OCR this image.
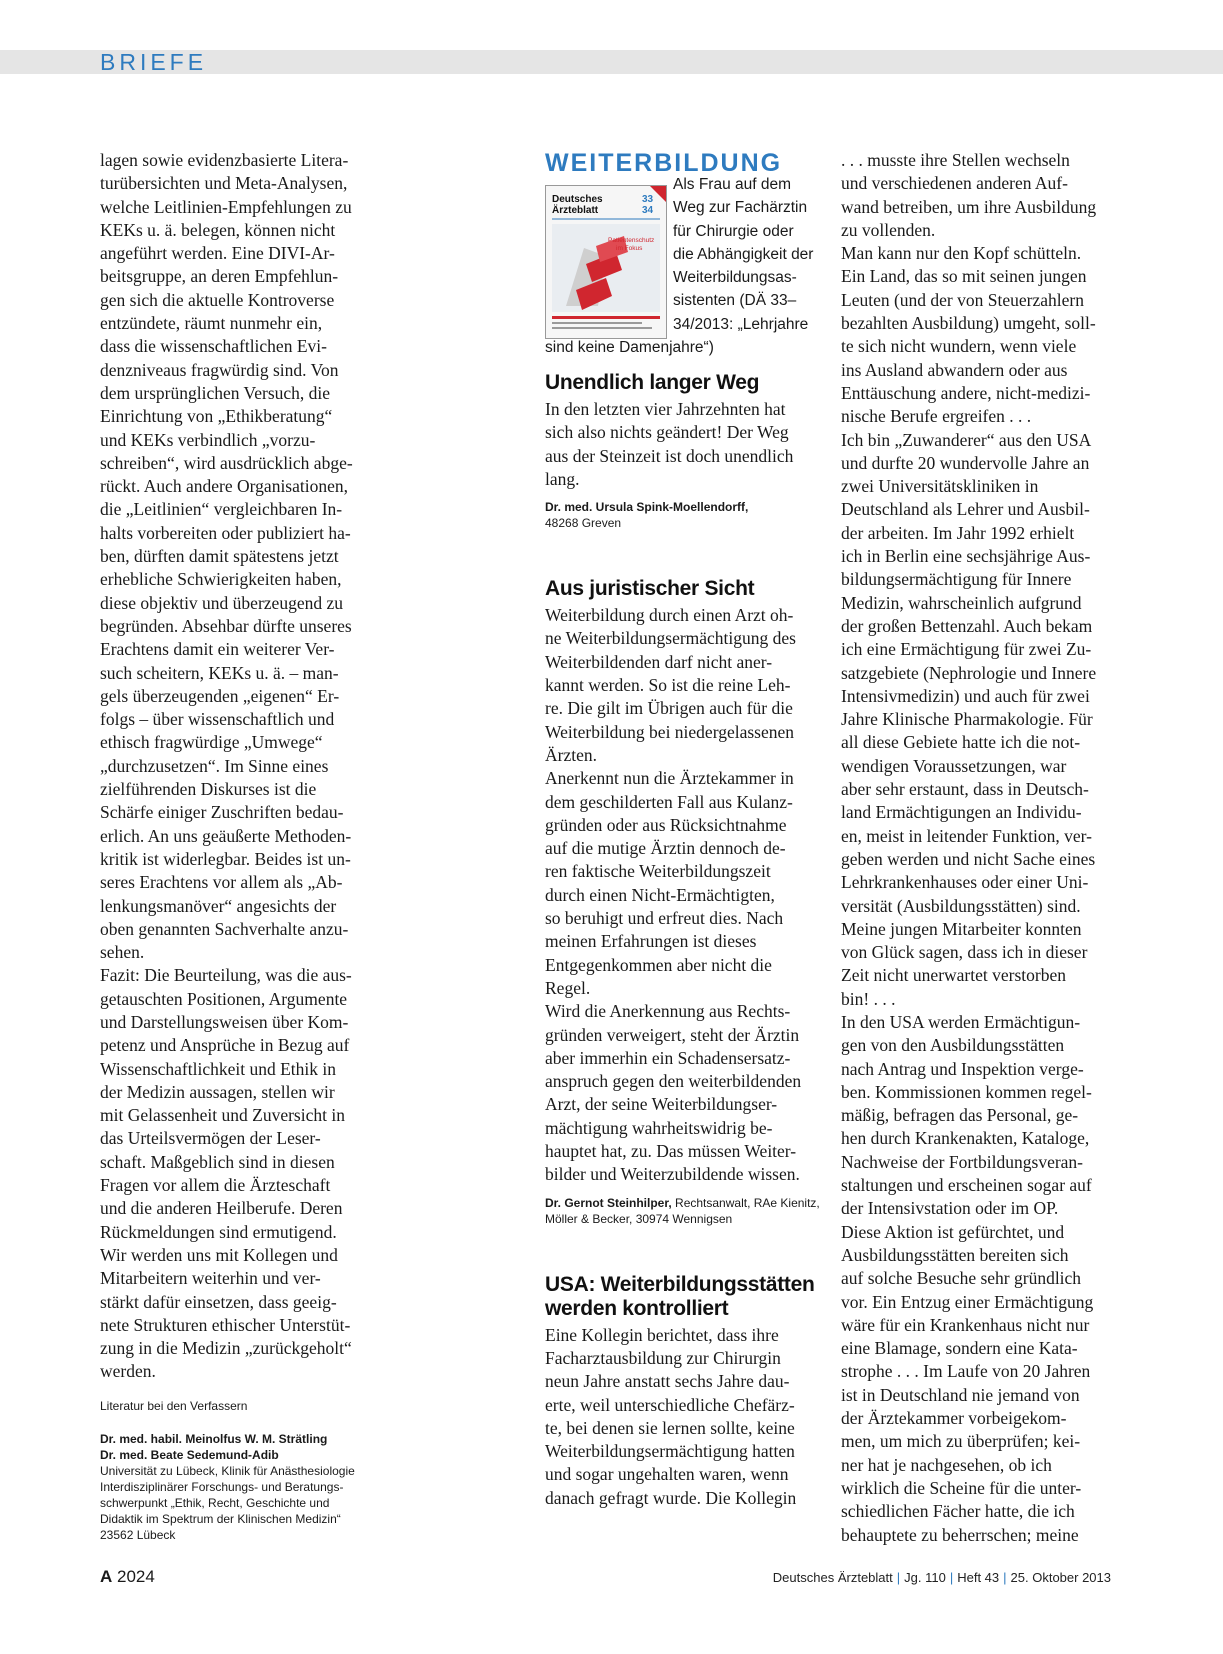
BRIEFE

lagen sowie evidenzbasierte Litera-
turübersichten und Meta-Analysen,
welche Leitlinien-Empfehlungen zu
KEKs u. ä. belegen, können nicht
angeführt werden. Eine DIVI-Ar-
beitsgruppe, an deren Empfehlun-
gen sich die aktuelle Kontroverse
entzündete, räumt nunmehr ein,
dass die wissenschaftlichen Evi-
denzniveaus fragwürdig sind. Von
dem ursprünglichen Versuch, die
Einrichtung von „Ethikberatung“
und KEKs verbindlich „vorzu-
schreiben“, wird ausdrücklich abge-
rückt. Auch andere Organisationen,
die „Leitlinien“ vergleichbaren In-
halts vorbereiten oder publiziert ha-
ben, dürften damit spätestens jetzt
erhebliche Schwierigkeiten haben,
diese objektiv und überzeugend zu
begründen. Absehbar dürfte unseres
Erachtens damit ein weiterer Ver-
such scheitern, KEKs u. ä. – man-
gels überzeugenden „eigenen“ Er-
folgs – über wissenschaftlich und
ethisch fragwürdige „Umwege“
„durchzusetzen“. Im Sinne eines
zielführenden Diskurses ist die
Schärfe einiger Zuschriften bedau-
erlich. An uns geäußerte Methoden-
kritik ist widerlegbar. Beides ist un-
seres Erachtens vor allem als „Ab-
lenkungsmanöver“ angesichts der
oben genannten Sachverhalte anzu-
sehen.
Fazit: Die Beurteilung, was die aus-
getauschten Positionen, Argumente
und Darstellungsweisen über Kom-
petenz und Ansprüche in Bezug auf
Wissenschaftlichkeit und Ethik in
der Medizin aussagen, stellen wir
mit Gelassenheit und Zuversicht in
das Urteilsvermögen der Leser-
schaft. Maßgeblich sind in diesen
Fragen vor allem die Ärzteschaft
und die anderen Heilberufe. Deren
Rückmeldungen sind ermutigend.
Wir werden uns mit Kollegen und
Mitarbeitern weiterhin und ver-
stärkt dafür einsetzen, dass geeig-
nete Strukturen ethischer Unterstüt-
zung in die Medizin „zurückgeholt“
werden.

Literatur bei den Verfassern

Dr. med. habil. Meinolfus W. M. Strätling
Dr. med. Beate Sedemund-Adib
Universität zu Lübeck, Klinik für Anästhesiologie
Interdisziplinärer Forschungs- und Beratungs-
schwerpunkt „Ethik, Recht, Geschichte und
Didaktik im Spektrum der Klinischen Medizin“
23562 Lübeck
WEITERBILDUNG
Deutsches
Ärzteblatt
33
34
Patientenschutz
im Fokus
Als Frau auf dem
Weg zur Fachärztin
für Chirurgie oder
die Abhängigkeit der
Weiterbildungsas-
sistenten (DÄ 33–
34/2013: „Lehrjahre
sind keine Damenjahre“)
Unendlich langer Weg

In den letzten vier Jahrzehnten hat
sich also nichts geändert! Der Weg
aus der Steinzeit ist doch unendlich
lang.

Dr. med. Ursula Spink-Moellendorff,
48268 Greven
Aus juristischer Sicht

Weiterbildung durch einen Arzt oh-
ne Weiterbildungsermächtigung des
Weiterbildenden darf nicht aner-
kannt werden. So ist die reine Leh-
re. Die gilt im Übrigen auch für die
Weiterbildung bei niedergelassenen
Ärzten.
Anerkennt nun die Ärztekammer in
dem geschilderten Fall aus Kulanz-
gründen oder aus Rücksichtnahme
auf die mutige Ärztin dennoch de-
ren faktische Weiterbildungszeit
durch einen Nicht-Ermächtigten,
so beruhigt und erfreut dies. Nach
meinen Erfahrungen ist dieses
Entgegenkommen aber nicht die
Regel.
Wird die Anerkennung aus Rechts-
gründen verweigert, steht der Ärztin
aber immerhin ein Schadensersatz-
anspruch gegen den weiterbildenden
Arzt, der seine Weiterbildungser-
mächtigung wahrheitswidrig be-
hauptet hat, zu. Das müssen Weiter-
bilder und Weiterzubildende wissen.

Dr. Gernot Steinhilper, Rechtsanwalt, RAe Kienitz,
Möller & Becker, 30974 Wennigsen
USA: Weiterbildungsstätten
werden kontrolliert

Eine Kollegin berichtet, dass ihre
Facharztausbildung zur Chirurgin
neun Jahre anstatt sechs Jahre dau-
erte, weil unterschiedliche Chefärz-
te, bei denen sie lernen sollte, keine
Weiterbildungsermächtigung hatten
und sogar ungehalten waren, wenn
danach gefragt wurde. Die Kollegin

. . . musste ihre Stellen wechseln
und verschiedenen anderen Auf-
wand betreiben, um ihre Ausbildung
zu vollenden.
Man kann nur den Kopf schütteln.
Ein Land, das so mit seinen jungen
Leuten (und der von Steuerzahlern
bezahlten Ausbildung) umgeht, soll-
te sich nicht wundern, wenn viele
ins Ausland abwandern oder aus
Enttäuschung andere, nicht-medizi-
nische Berufe ergreifen . . .
Ich bin „Zuwanderer“ aus den USA
und durfte 20 wundervolle Jahre an
zwei Universitätskliniken in
Deutschland als Lehrer und Ausbil-
der arbeiten. Im Jahr 1992 erhielt
ich in Berlin eine sechsjährige Aus-
bildungsermächtigung für Innere
Medizin, wahrscheinlich aufgrund
der großen Bettenzahl. Auch bekam
ich eine Ermächtigung für zwei Zu-
satzgebiete (Nephrologie und Innere
Intensivmedizin) und auch für zwei
Jahre Klinische Pharmakologie. Für
all diese Gebiete hatte ich die not-
wendigen Voraussetzungen, war
aber sehr erstaunt, dass in Deutsch-
land Ermächtigungen an Individu-
en, meist in leitender Funktion, ver-
geben werden und nicht Sache eines
Lehrkrankenhauses oder einer Uni-
versität (Ausbildungsstätten) sind.
Meine jungen Mitarbeiter konnten
von Glück sagen, dass ich in dieser
Zeit nicht unerwartet verstorben
bin! . . .
In den USA werden Ermächtigun-
gen von den Ausbildungsstätten
nach Antrag und Inspektion verge-
ben. Kommissionen kommen regel-
mäßig, befragen das Personal, ge-
hen durch Krankenakten, Kataloge,
Nachweise der Fortbildungsveran-
staltungen und erscheinen sogar auf
der Intensivstation oder im OP.
Diese Aktion ist gefürchtet, und
Ausbildungsstätten bereiten sich
auf solche Besuche sehr gründlich
vor. Ein Entzug einer Ermächtigung
wäre für ein Krankenhaus nicht nur
eine Blamage, sondern eine Kata-
strophe . . . Im Laufe von 20 Jahren
ist in Deutschland nie jemand von
der Ärztekammer vorbeigekom-
men, um mich zu überprüfen; kei-
ner hat je nachgesehen, ob ich
wirklich die Scheine für die unter-
schiedlichen Fächer hatte, die ich
behauptete zu beherrschen; meine

A 2024	Deutsches Ärzteblatt | Jg. 110 | Heft 43 | 25. Oktober 2013
